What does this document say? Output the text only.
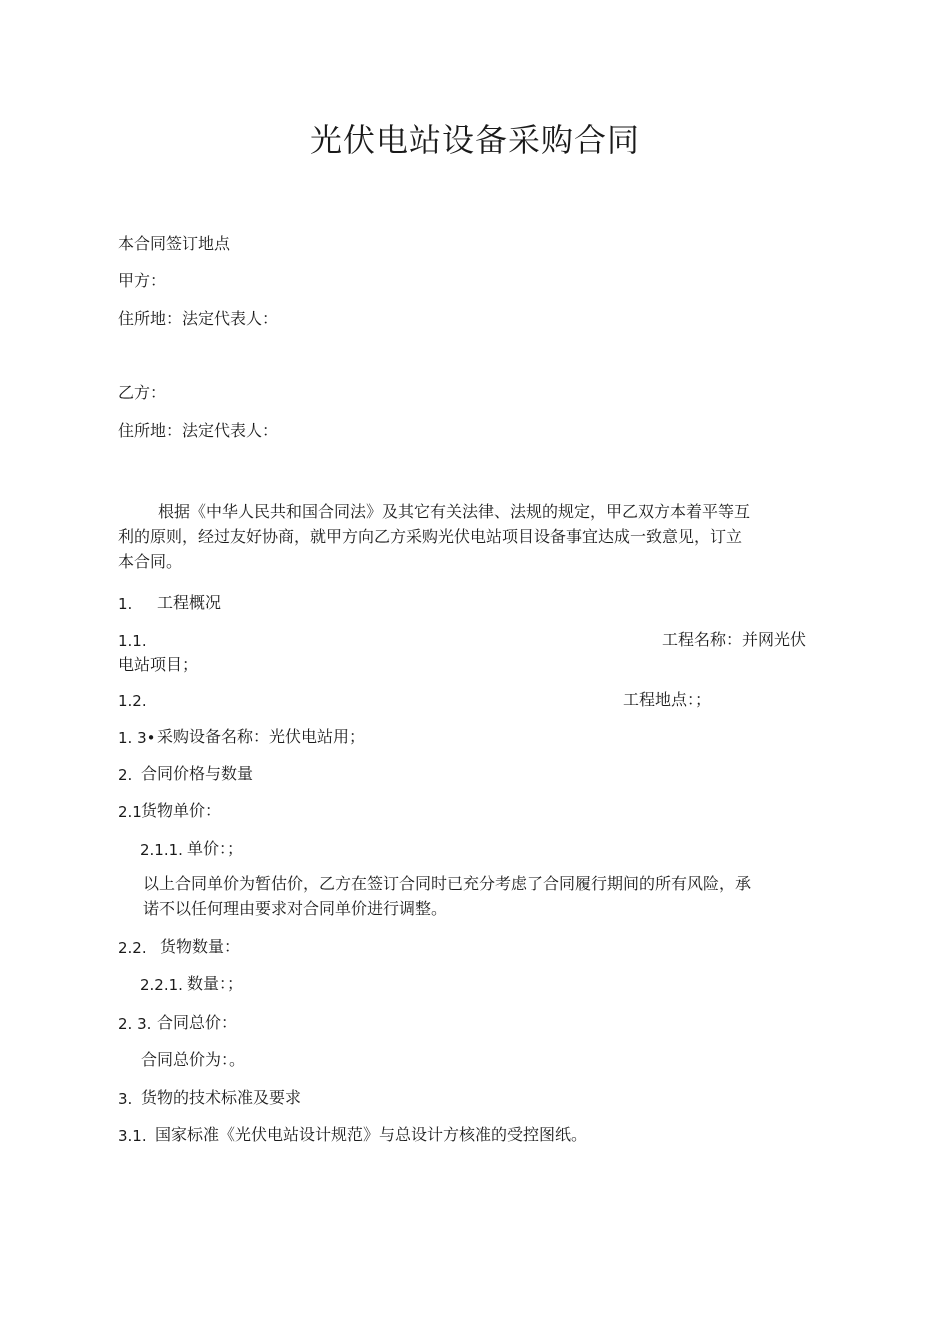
光伏电站设备采购合同
本合同签订地点
甲方：
住所地：法定代表人：
乙方：
住所地：法定代表人：
根据《中华人民共和国合同法》及其它有关法律、法规的规定，甲乙双方本着平等互
利的原则，经过友好协商，就甲方向乙方采购光伏电站项目设备事宜达成一致意见，订立
本合同。
1. 工程概况
1.1.	工程名称：并网光伏
电站项目；
1.2.	工程地点：；
1. 3• 采购设备名称：光伏电站用；
2. 合同价格与数量
2.1 货物单价：
2.1.1. 单价：；
以上合同单价为暂估价，乙方在签订合同时已充分考虑了合同履行期间的所有风险，承
诺不以任何理由要求对合同单价进行调整。
2.2. 货物数量：
2.2.1. 数量：；
2. 3. 合同总价：
合同总价为：。
3. 货物的技术标准及要求
3.1. 国家标准《光伏电站设计规范》与总设计方核准的受控图纸。
